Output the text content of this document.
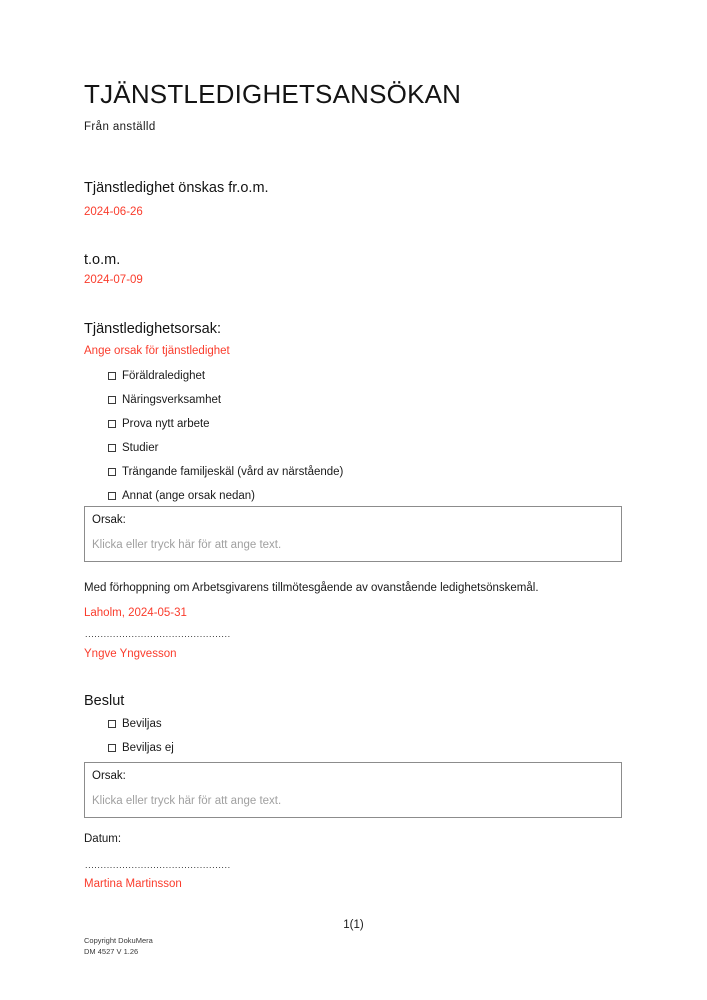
TJÄNSTLEDIGHETSANSÖKAN
Från anställd
Tjänstledighet önskas fr.o.m.
2024-06-26
t.o.m.
2024-07-09
Tjänstledighetsorsak:
Ange orsak för tjänstledighet
Föräldraledighet
Näringsverksamhet
Prova nytt arbete
Studier
Trängande familjeskäl (vård av närstående)
Annat (ange orsak nedan)
Orsak:
Klicka eller tryck här för att ange text.
Med förhoppning om Arbetsgivarens tillmötesgående av ovanstående ledighetsönskemål.
Laholm, 2024-05-31
...............................................
Yngve Yngvesson
Beslut
Beviljas
Beviljas ej
Orsak:
Klicka eller tryck här för att ange text.
Datum:
...............................................
Martina Martinsson
1(1)
Copyright DokuMera
DM 4527 V 1.26
